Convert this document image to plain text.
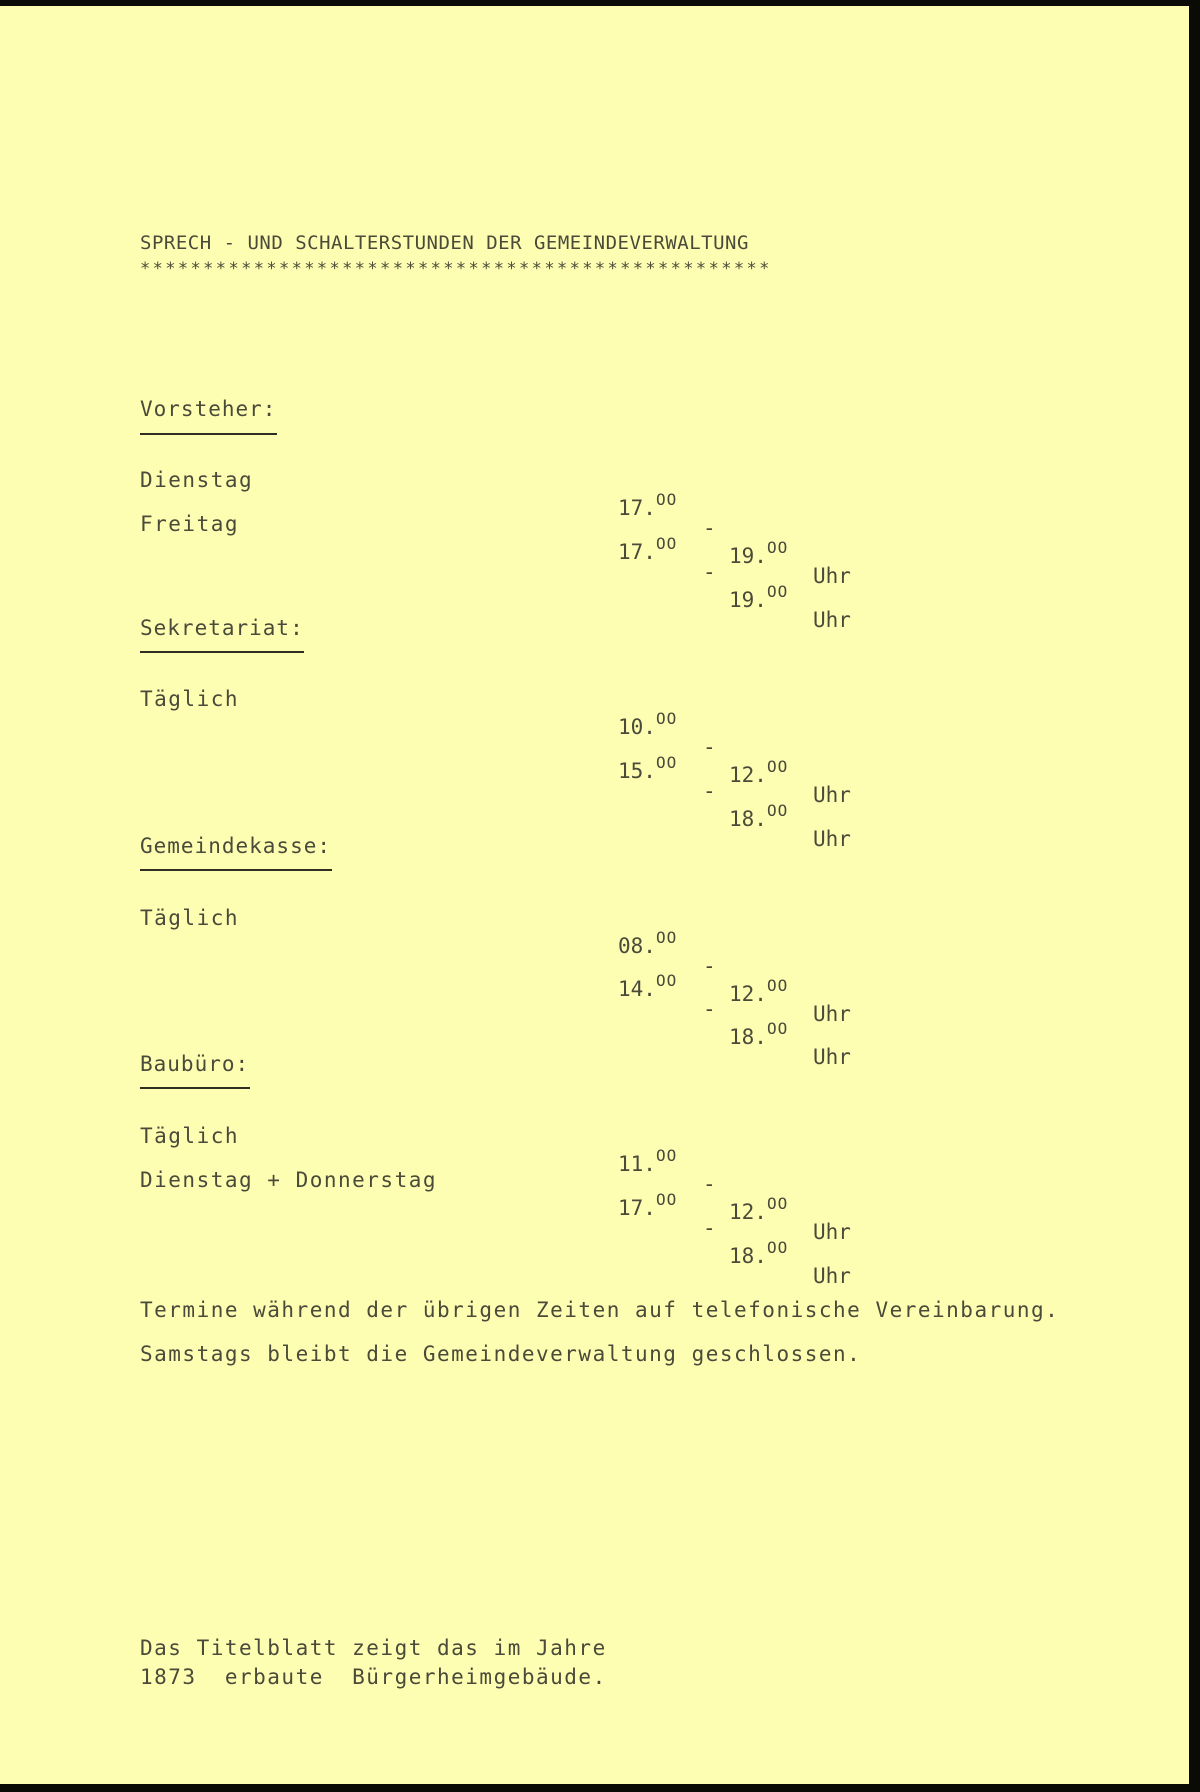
SPRECH - UND SCHALTERSTUNDEN DER GEMEINDEVERWALTUNG
**************************************************
Vorsteher:
Dienstag

17.$^{OO}$

-

19.$^{OO}$

Uhr

Freitag

17.$^{OO}$

-

19.$^{OO}$

Uhr

Sekretariat:
Täglich

10.$^{OO}$

-

12.$^{OO}$

Uhr

15.$^{OO}$

-

18.$^{OO}$

Uhr

Gemeindekasse:
Täglich

08.$^{OO}$

-

12.$^{OO}$

Uhr

14.$^{OO}$

-

18.$^{OO}$

Uhr

Baubüro:
Täglich

11.$^{OO}$

-

12.$^{OO}$

Uhr

Dienstag + Donnerstag

17.$^{OO}$

-

18.$^{OO}$

Uhr

Termine während der übrigen Zeiten auf telefonische Vereinbarung.
Samstags bleibt die Gemeindeverwaltung geschlossen.
Das Titelblatt zeigt das im Jahre
1873  erbaute  Bürgerheimgebäude.
